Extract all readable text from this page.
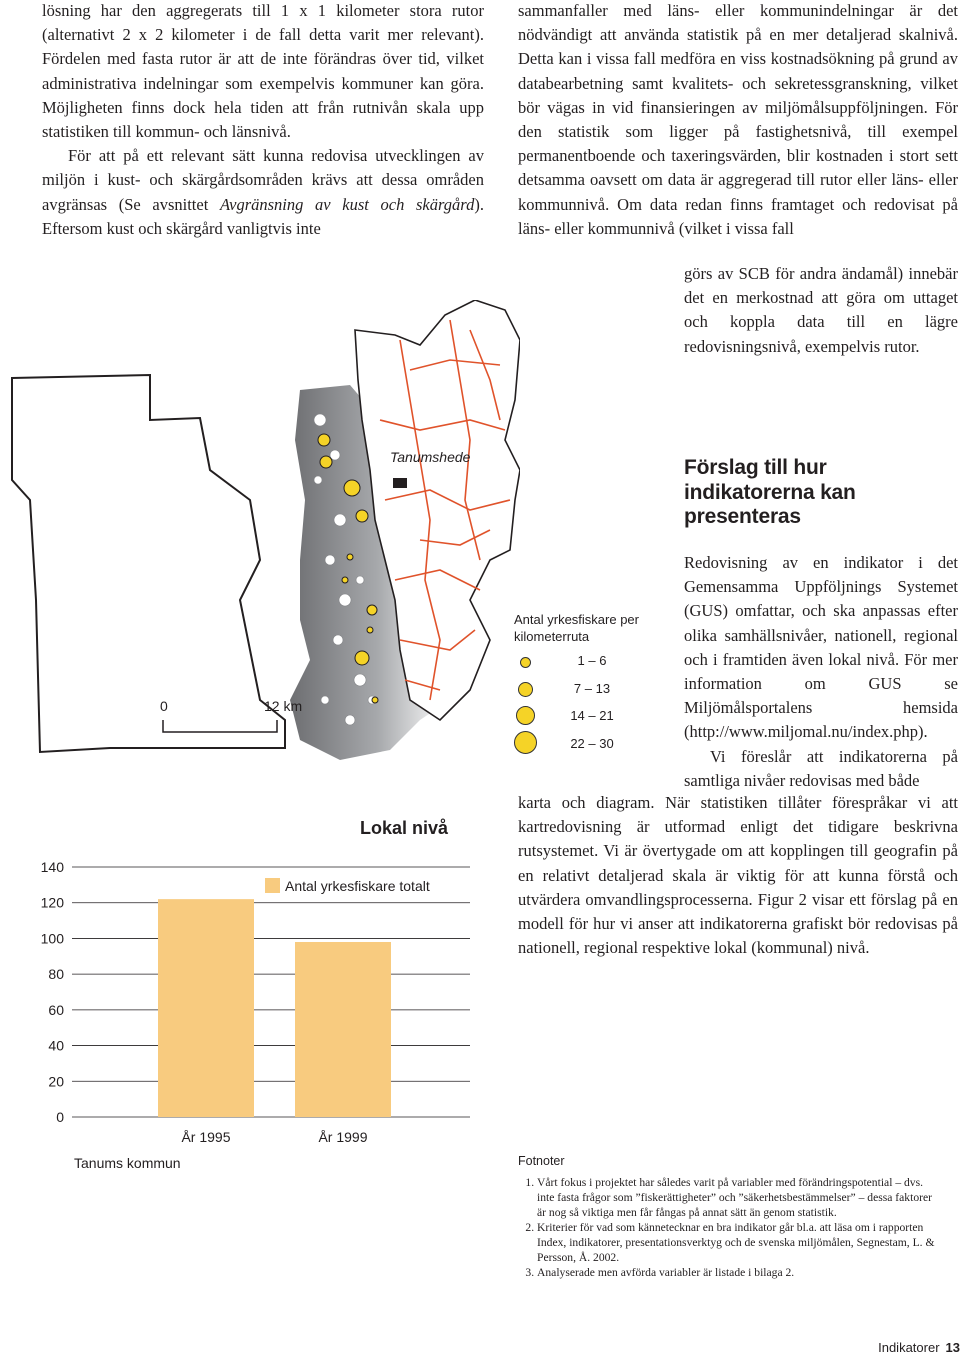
lösning har den aggregerats till 1 x 1 kilometer stora rutor (alternativt 2 x 2 kilometer i de fall detta varit mer relevant). Fördelen med fasta rutor är att de inte förändras över tid, vilket administrativa indelningar som exempelvis kommuner kan göra. Möjligheten finns dock hela tiden att från rutnivån skala upp statistiken till kommun- och länsnivå.

För att på ett relevant sätt kunna redovisa utvecklingen av miljön i kust- och skärgårdsområden krävs att dessa områden avgränsas (Se avsnittet Avgränsning av kust och skärgård). Eftersom kust och skärgård vanligtvis inte

sammanfaller med läns- eller kommunindelningar är det nödvändigt att använda statistik på en mer detaljerad skalnivå. Detta kan i vissa fall medföra en viss kostnadsökning på grund av databearbetning samt kvalitets- och sekretessgranskning, vilket bör vägas in vid finansieringen av miljömålsuppföljningen. För den statistik som ligger på fastighetsnivå, till exempel permanentboende och taxeringsvärden, blir kostnaden i stort sett detsamma oavsett om data är aggregerad till rutor eller läns- eller kommunnivå. Om data redan finns framtaget och redovisat på läns- eller kommunnivå (vilket i vissa fall

görs av SCB för andra ändamål) innebär det en merkostnad att göra om uttaget och koppla data till en lägre redovisningsnivå, exempelvis rutor.

Förslag till hur indikatorerna kan presenteras

Redovisning av en indikator i det Gemensamma Uppföljnings Systemet (GUS) omfattar, och ska anpassas efter olika samhällsnivåer, nationell, regional och i framtiden även lokal nivå. För mer information om GUS se Miljömålsportalens hemsida (http://www.miljomal.nu/index.php).

Vi föreslår att indikatorerna på samtliga nivåer redovisas med både

karta och diagram. När statistiken tillåter förespråkar vi att kartredovisning är utformad enligt det tidigare beskrivna rutsystemet. Vi är övertygade om att kopplingen till geografin på en relativt detaljerad skala är viktig för att kunna förstå och utvärdera omvandlingsprocesserna. Figur 2 visar ett förslag på en modell för hur vi anser att indikatorerna grafiskt bör redovisas på nationell, regional respektive lokal (kommunal) nivå.

Tanumshede
0	12 km

Antal yrkesfiskare per kilometerruta

1 – 6
7 – 13
14 – 21
22 – 30
0
20
40
60
80
100
120
140
År 1995	År 1999
Tanums kommun
Lokal nivå
Antal yrkesfiskare totalt

Fotnoter

1. Vårt fokus i projektet har således varit på variabler med förändringspotential – dvs. inte fasta frågor som ”fiskerättigheter” och ”säkerhetsbestämmelser” – dessa faktorer är nog så viktiga men får fångas på annat sätt än genom statistik.
2. Kriterier för vad som kännetecknar en bra indikator går bl.a. att läsa om i rapporten Index, indikatorer, presentationsverktyg och de svenska miljömålen, Segnestam, L. & Persson, Å. 2002.
3. Analyserade men avförda variabler är listade i bilaga 2.
Indikatorer 13
